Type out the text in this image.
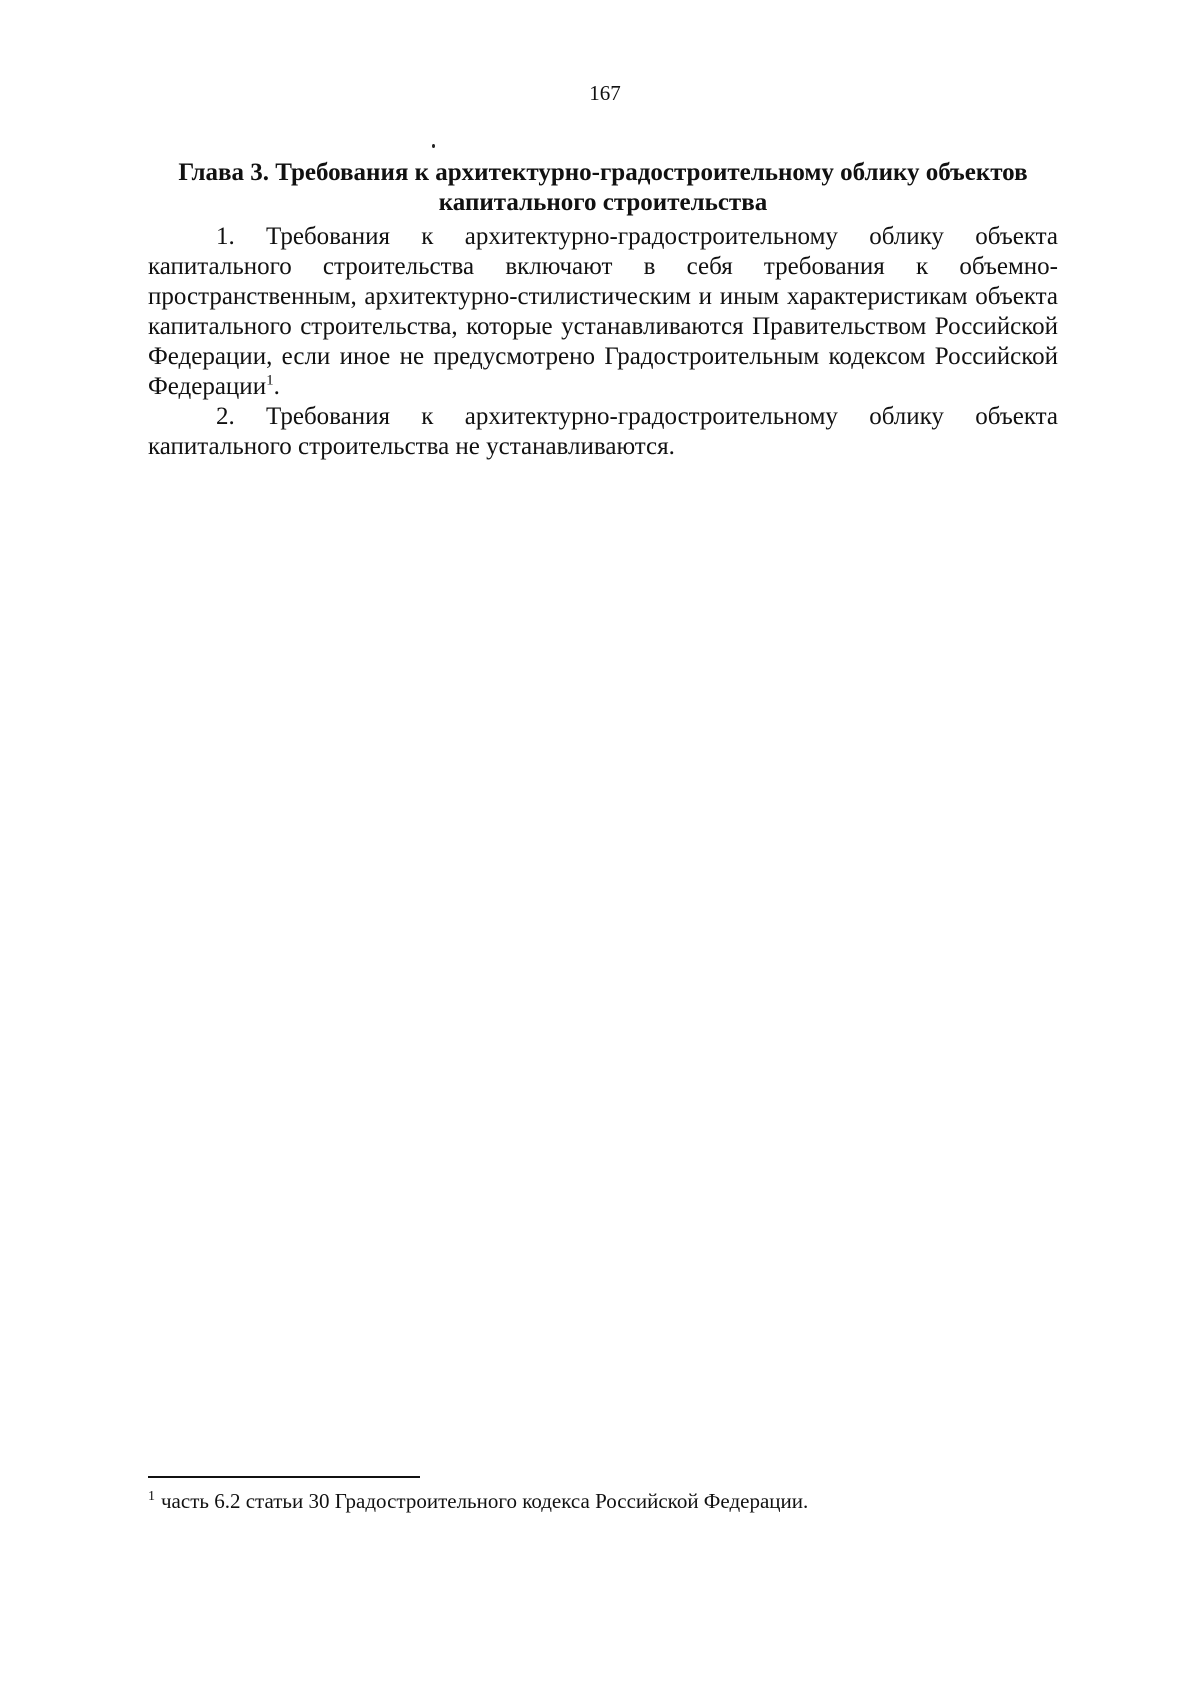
167
Глава 3. Требования к архитектурно-градостроительному облику объектов капитального строительства

1. Требования к архитектурно-градостроительному облику объекта капитального строительства включают в себя требования к объемно-пространственным, архитектурно-стилистическим и иным характеристикам объекта капитального строительства, которые устанавливаются Правительством Российской Федерации, если иное не предусмотрено Градостроительным кодексом Российской Федерации$^1$.

2. Требования к архитектурно-градостроительному облику объекта капитального строительства не устанавливаются.

$^1$ часть 6.2 статьи 30 Градостроительного кодекса Российской Федерации.
